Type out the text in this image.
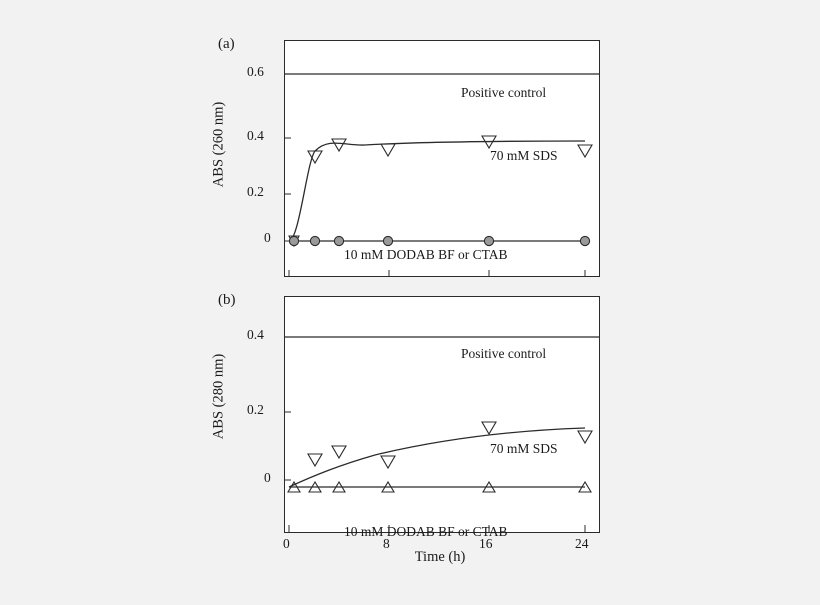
(a)
ABS (260 nm)
0.6
0.4
0.2
0
Positive control
70 mM SDS
10 mM DODAB BF or CTAB
(b)
ABS (280 nm)
0.4
0.2
0
0	8	16	24
Time (h)
Positive control
70 mM SDS
10 mM DODAB BF or CTAB
